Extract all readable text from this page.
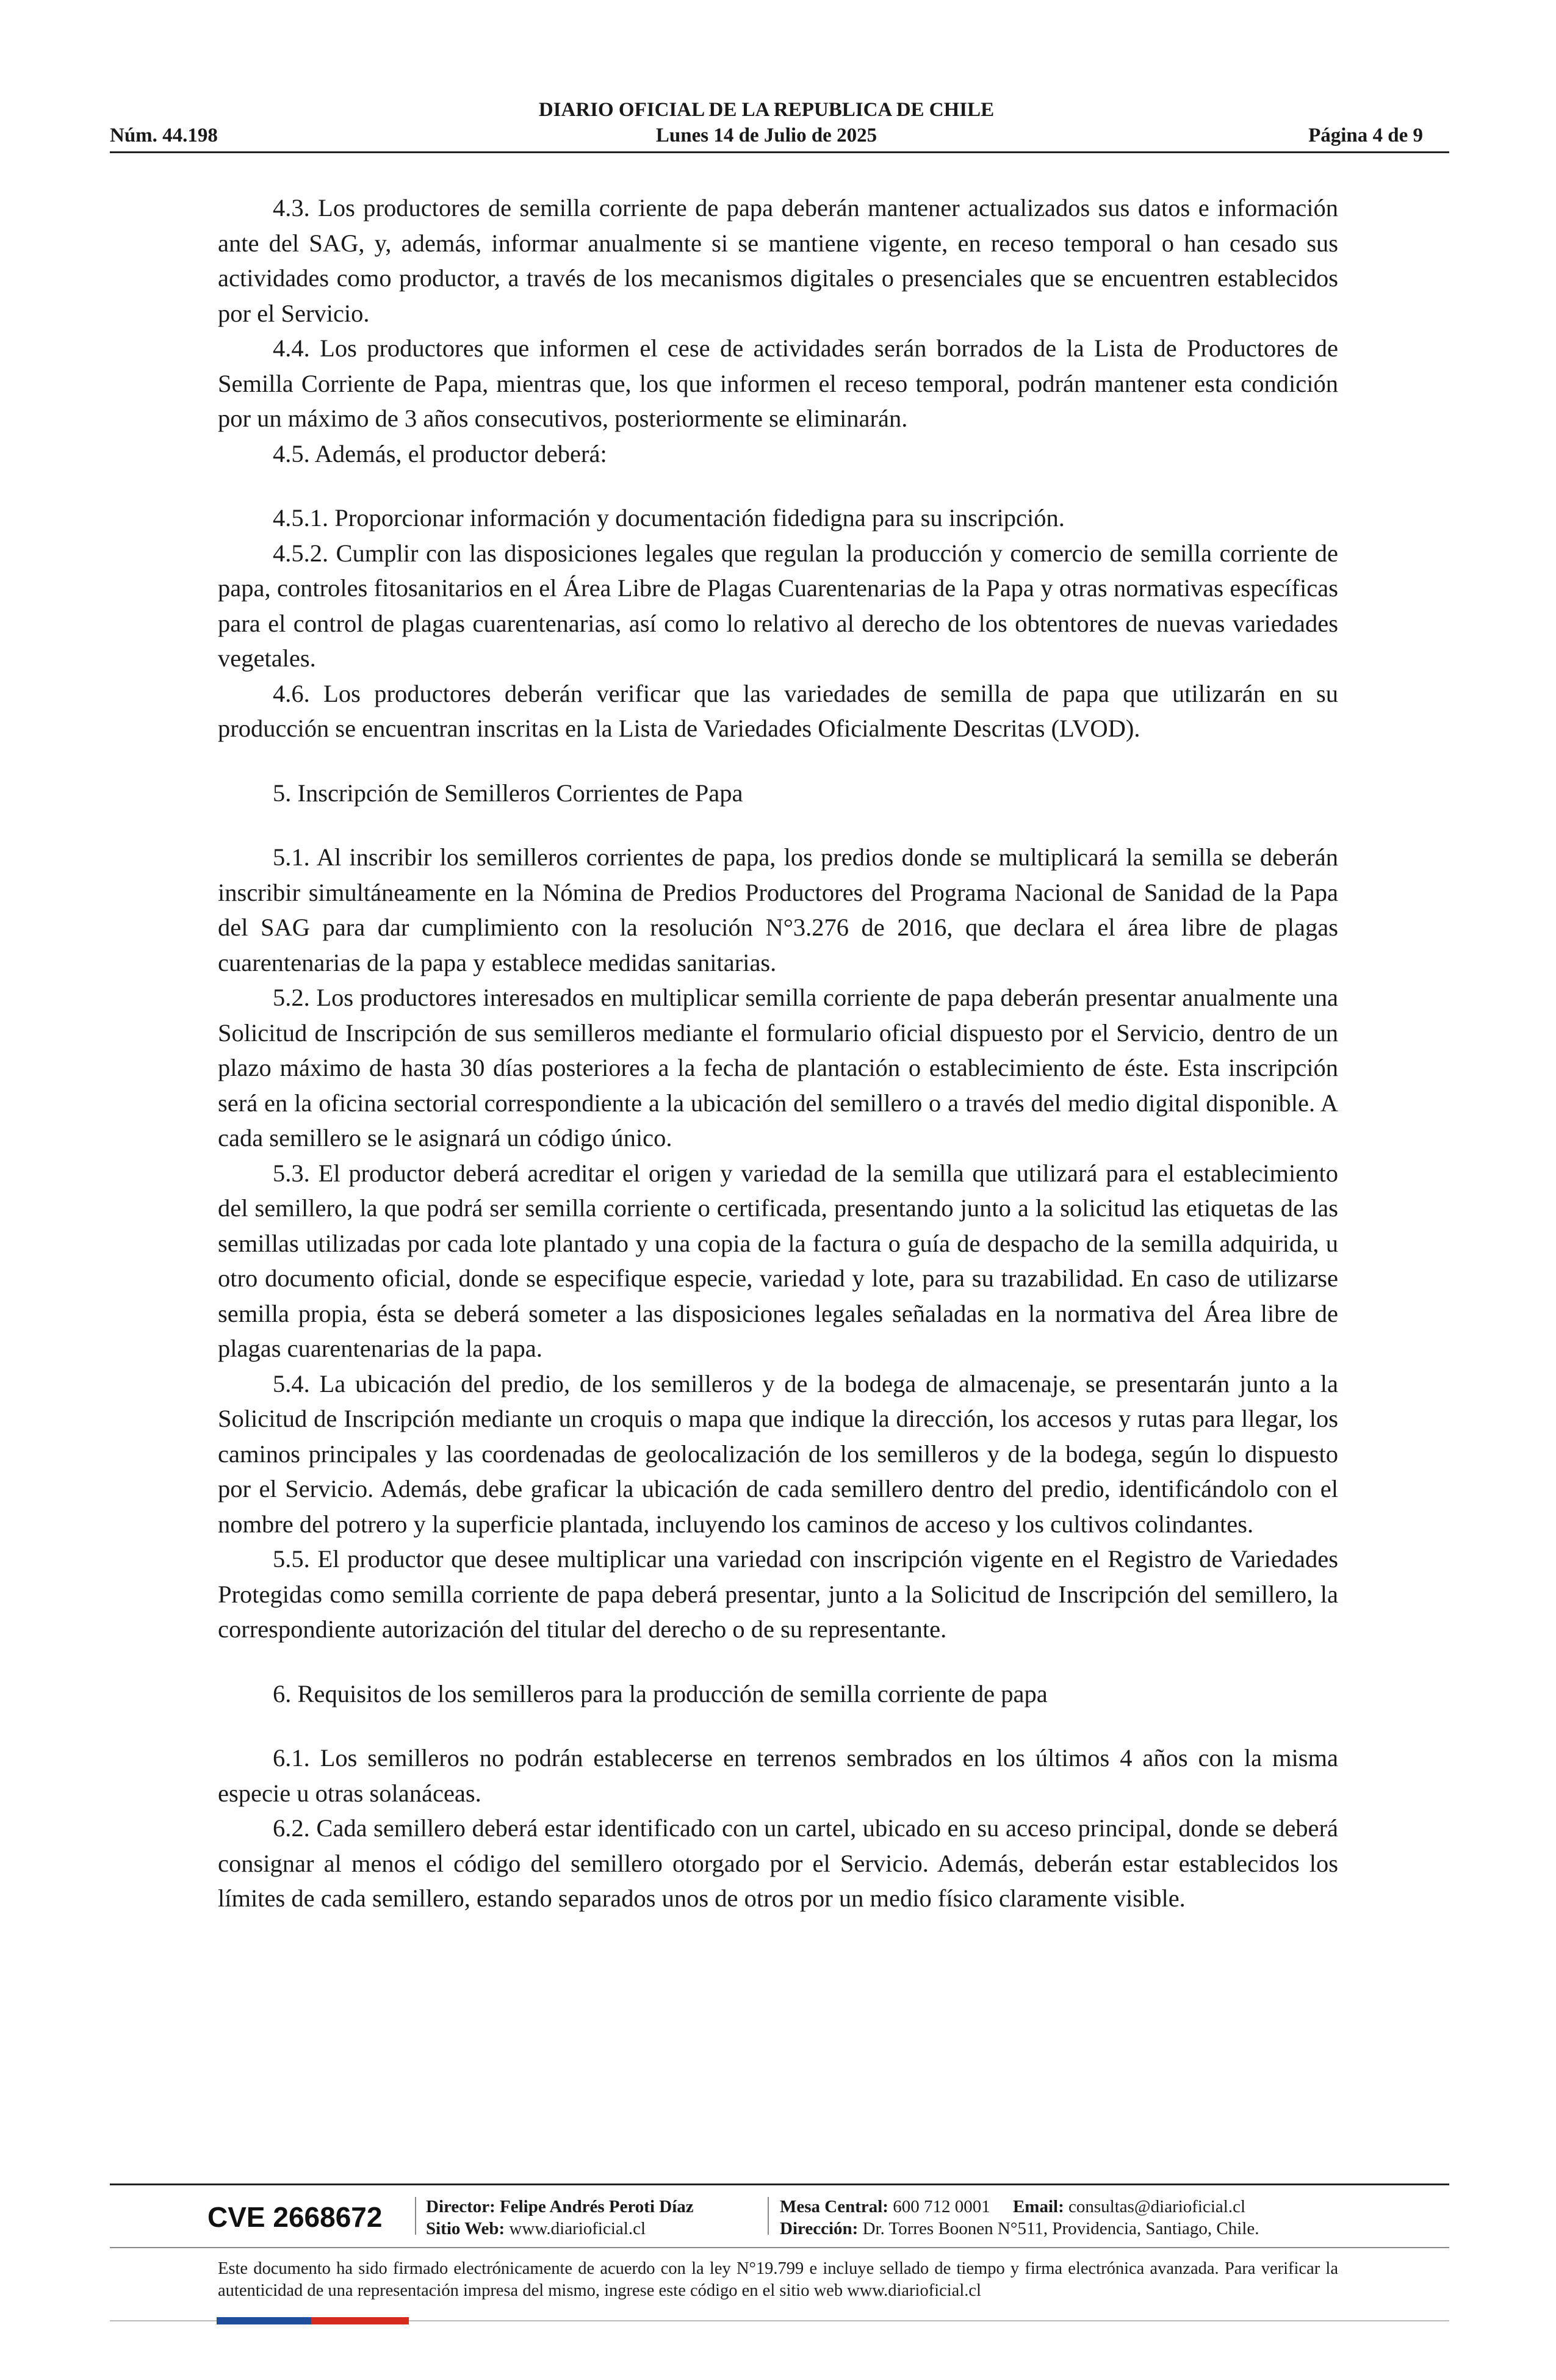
DIARIO OFICIAL DE LA REPUBLICA DE CHILE
Núm. 44.198	Lunes 14 de Julio de 2025	Página 4 de 9

4.3. Los productores de semilla corriente de papa deberán mantener actualizados sus datos e información ante del SAG, y, además, informar anualmente si se mantiene vigente, en receso temporal o han cesado sus actividades como productor, a través de los mecanismos digitales o presenciales que se encuentren establecidos por el Servicio.

4.4. Los productores que informen el cese de actividades serán borrados de la Lista de Productores de Semilla Corriente de Papa, mientras que, los que informen el receso temporal, podrán mantener esta condición por un máximo de 3 años consecutivos, posteriormente se eliminarán.

4.5. Además, el productor deberá:

4.5.1. Proporcionar información y documentación fidedigna para su inscripción.

4.5.2. Cumplir con las disposiciones legales que regulan la producción y comercio de semilla corriente de papa, controles fitosanitarios en el Área Libre de Plagas Cuarentenarias de la Papa y otras normativas específicas para el control de plagas cuarentenarias, así como lo relativo al derecho de los obtentores de nuevas variedades vegetales.

4.6. Los productores deberán verificar que las variedades de semilla de papa que utilizarán en su producción se encuentran inscritas en la Lista de Variedades Oficialmente Descritas (LVOD).

5. Inscripción de Semilleros Corrientes de Papa

5.1. Al inscribir los semilleros corrientes de papa, los predios donde se multiplicará la semilla se deberán inscribir simultáneamente en la Nómina de Predios Productores del Programa Nacional de Sanidad de la Papa del SAG para dar cumplimiento con la resolución N°3.276 de 2016, que declara el área libre de plagas cuarentenarias de la papa y establece medidas sanitarias.

5.2. Los productores interesados en multiplicar semilla corriente de papa deberán presentar anualmente una Solicitud de Inscripción de sus semilleros mediante el formulario oficial dispuesto por el Servicio, dentro de un plazo máximo de hasta 30 días posteriores a la fecha de plantación o establecimiento de éste. Esta inscripción será en la oficina sectorial correspondiente a la ubicación del semillero o a través del medio digital disponible. A cada semillero se le asignará un código único.

5.3. El productor deberá acreditar el origen y variedad de la semilla que utilizará para el establecimiento del semillero, la que podrá ser semilla corriente o certificada, presentando junto a la solicitud las etiquetas de las semillas utilizadas por cada lote plantado y una copia de la factura o guía de despacho de la semilla adquirida, u otro documento oficial, donde se especifique especie, variedad y lote, para su trazabilidad. En caso de utilizarse semilla propia, ésta se deberá someter a las disposiciones legales señaladas en la normativa del Área libre de plagas cuarentenarias de la papa.

5.4. La ubicación del predio, de los semilleros y de la bodega de almacenaje, se presentarán junto a la Solicitud de Inscripción mediante un croquis o mapa que indique la dirección, los accesos y rutas para llegar, los caminos principales y las coordenadas de geolocalización de los semilleros y de la bodega, según lo dispuesto por el Servicio. Además, debe graficar la ubicación de cada semillero dentro del predio, identificándolo con el nombre del potrero y la superficie plantada, incluyendo los caminos de acceso y los cultivos colindantes.

5.5. El productor que desee multiplicar una variedad con inscripción vigente en el Registro de Variedades Protegidas como semilla corriente de papa deberá presentar, junto a la Solicitud de Inscripción del semillero, la correspondiente autorización del titular del derecho o de su representante.

6. Requisitos de los semilleros para la producción de semilla corriente de papa

6.1. Los semilleros no podrán establecerse en terrenos sembrados en los últimos 4 años con la misma especie u otras solanáceas.

6.2. Cada semillero deberá estar identificado con un cartel, ubicado en su acceso principal, donde se deberá consignar al menos el código del semillero otorgado por el Servicio. Además, deberán estar establecidos los límites de cada semillero, estando separados unos de otros por un medio físico claramente visible.

CVE 2668672	Director: Felipe Andrés Peroti Díaz
Sitio Web: www.diarioficial.cl
Mesa Central: 600 712 0001 Email: consultas@diarioficial.cl
Dirección: Dr. Torres Boonen N°511, Providencia, Santiago, Chile.
Este documento ha sido firmado electrónicamente de acuerdo con la ley N°19.799 e incluye sellado de tiempo y firma electrónica avanzada. Para verificar la autenticidad de una representación impresa del mismo, ingrese este código en el sitio web www.diarioficial.cl
